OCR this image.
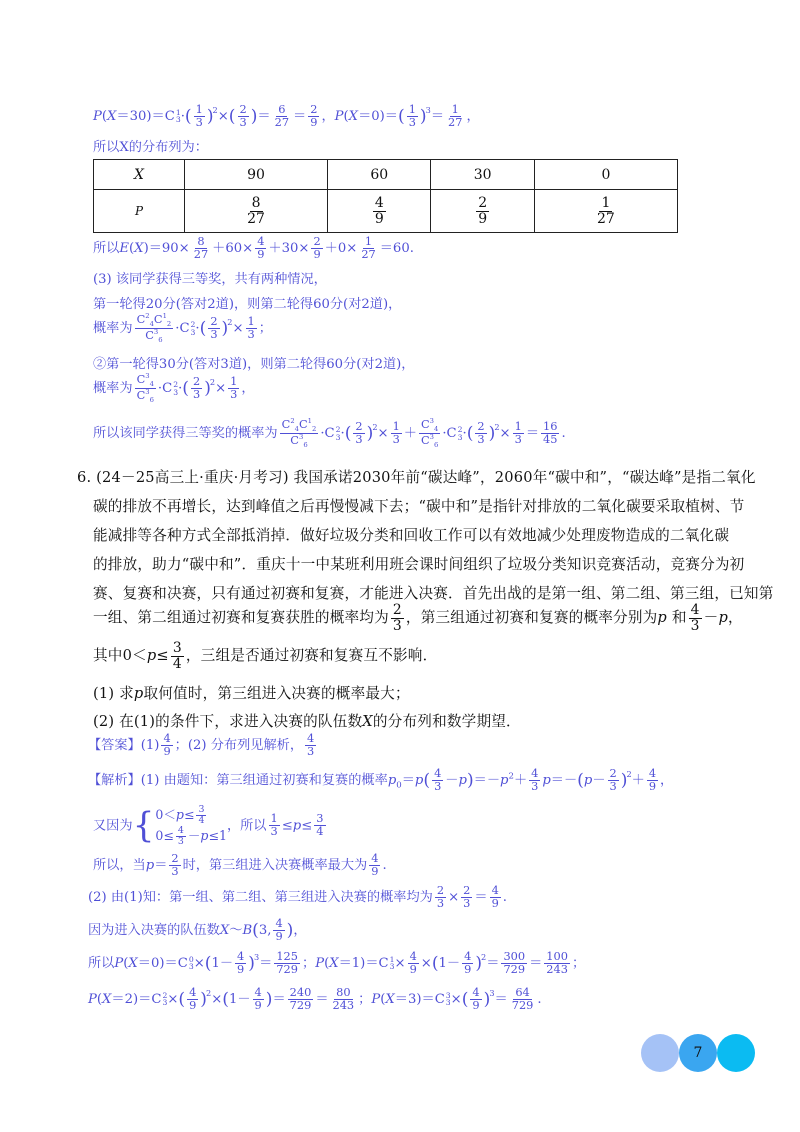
P(X＝30)＝ C 1
3 ·( $\frac{1}{3} )^2\times( \frac{2}{3}$ )＝ $\frac{6}{27} = \frac{2}{9}$ ，$P(X=0)=( \frac{1}{3} )^3= \frac{1}{27}$ ，
所以X的分布列为：
X	90	60	30	0
P	$\frac{8}{27}$	$\frac{4}{9}$	$\frac{2}{9}$	$\frac{1}{27}$
所以$E(X)=90\times \frac{8}{27} +60\times \frac{4}{9} +30\times \frac{2}{9} +0\times \frac{1}{27} =60$.
(3) 该同学获得三等奖，共有两种情况，
第一轮得20分(答对2道)，则第二轮得60分(对2道)，
概率为 $\frac{C^2_4C^1_2}{C^3_6} \cdot C$ 2
3 ·( $\frac{2}{3} )^2\times \frac{1}{3}$ ；
②第一轮得30分(答对3道)，则第二轮得60分(对2道)，
概率为 $\frac{C^3_4}{C^3_6} \cdot C$ 2
3 ·( $\frac{2}{3} )^2\times \frac{1}{3}$ ，
所以该同学获得三等奖的概率为 $\frac{C^2_4C^1_2}{C^3_6} \cdot C$ 2
3 ·( $\frac{2}{3} )^2\times \frac{1}{3} + \frac{C^3_4}{C^3_6} \cdot C$ 2
3 ·( $\frac{2}{3} )^2\times \frac{1}{3} = \frac{16}{45}$ .
6. (24－25高三上·重庆·月考习) 我国承诺2030年前“碳达峰”，2060年“碳中和”，“碳达峰”是指二氧化
碳的排放不再增长，达到峰值之后再慢慢减下去；“碳中和”是指针对排放的二氧化碳要采取植树、节
能减排等各种方式全部抵消掉．做好垃圾分类和回收工作可以有效地减少处理废物造成的二氧化碳
的排放，助力“碳中和”．重庆十一中某班利用班会课时间组织了垃圾分类知识竞赛活动，竞赛分为初
赛、复赛和决赛，只有通过初赛和复赛，才能进入决赛．首先出战的是第一组、第二组、第三组，已知第
一组、第二组通过初赛和复赛获胜的概率均为 $\frac{2}{3}$ ，第三组通过初赛和复赛的概率分别为p 和 $\frac{4}{3} -p$，
其中$0<p\le \frac{3}{4}$ ，三组是否通过初赛和复赛互不影响．
(1) 求p取何值时，第三组进入决赛的概率最大；
(2) 在(1)的条件下，求进入决赛的队伍数X的分布列和数学期望．
【答案】$(1) \frac{4}{9}$ ；(2) 分布列见解析， $\frac{4}{3}$
【解析】(1) 由题知：第三组通过初赛和复赛的概率$p_0=p( \frac{4}{3} -p)=-p^2+ \frac{4}{3} p=-(p- \frac{2}{3} )^2+ \frac{4}{9}$ ，
又因为{ $0<p\le \frac{3}{4}$
$0\le \frac{4}{3} -p\le 1$
，所以 $\frac{1}{3} \le p\le \frac{3}{4}$
所以，当$p= \frac{2}{3}$ 时，第三组进入决赛概率最大为 $\frac{4}{9}$ .
(2) 由(1)知：第一组、第二组、第三组进入决赛的概率均为 $\frac{2}{3} \times \frac{2}{3} = \frac{4}{9}$ .
因为进入决赛的队伍数X～B(3, $\frac{4}{9}$ )，
所以P(X＝0)＝ C 0
$3 \times(1- \frac{4}{9} )^3= \frac{125}{729}$ ；P(X＝1)＝ C 1
$3 \times \frac{4}{9} \times(1- \frac{4}{9} )^2= \frac{300}{729} = \frac{100}{243}$ ；
P(X＝2)＝ C 2
3 ×( $\frac{4}{9} )^2\times(1- \frac{4}{9}$ )＝ $\frac{240}{729} = \frac{80}{243}$ ；P(X＝3)＝ C 3
3 ×( $\frac{4}{9} )^3= \frac{64}{729}$ .
7
